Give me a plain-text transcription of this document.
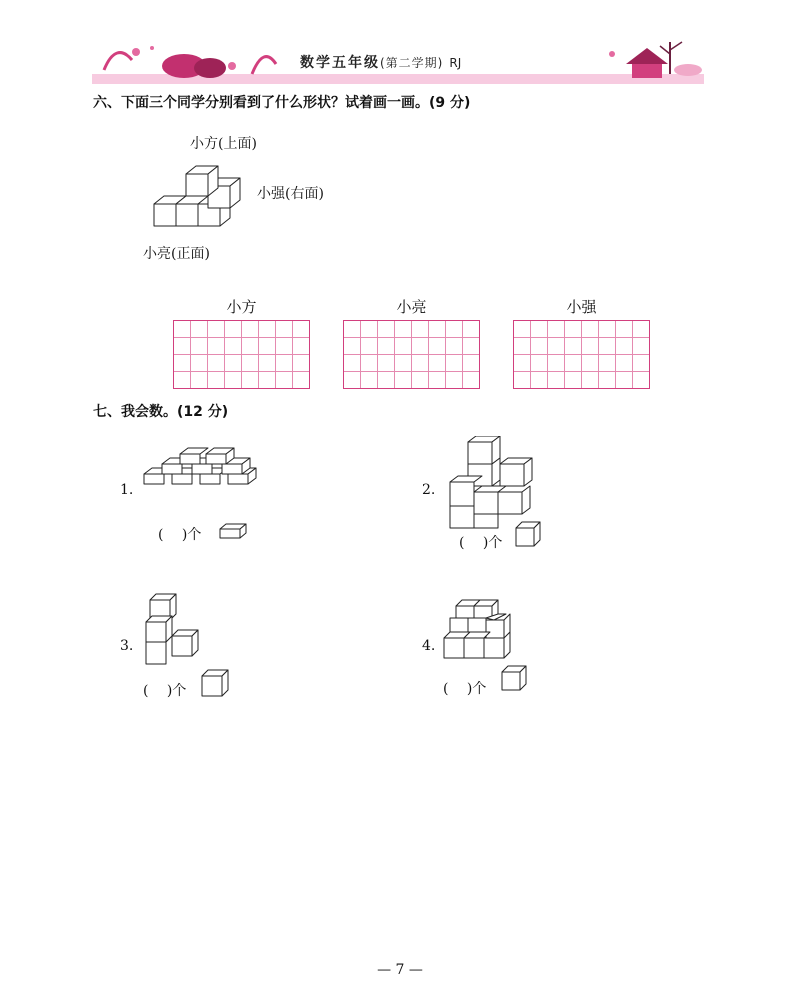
数学五年级(第二学期) RJ
六、下面三个同学分别看到了什么形状？试着画一画。(9 分)
小方(上面)
小强(右面)
小亮(正面)
小方	小亮	小强
七、我会数。(12 分)
1.
(　 )个
2.
(　 )个
3.
(　 )个
4.
(　 )个
— 7 —
